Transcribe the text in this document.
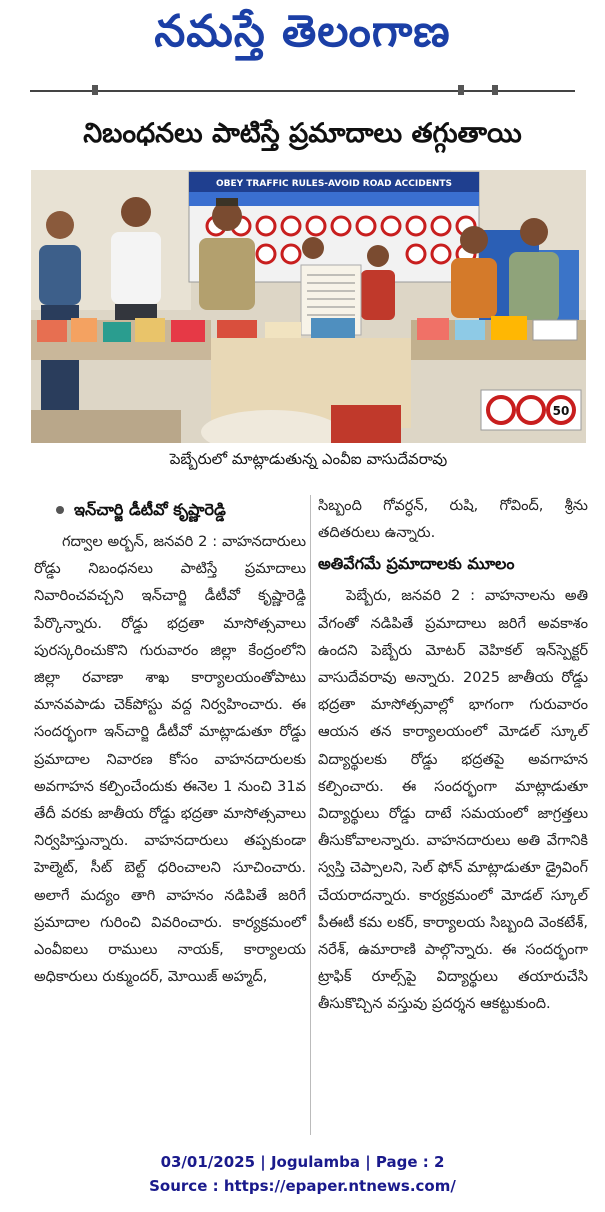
నమస్తే తెలంగాణ
నిబంధనలు పాటిస్తే ప్రమాదాలు తగ్గుతాయి
OBEY TRAFFIC RULES-AVOID ROAD ACCIDENTS
50
పెబ్బేరులో మాట్లాడుతున్న ఎంవీఐ వాసుదేవరావు
ఇన్‌చార్జి డీటీవో కృష్ణారెడ్డి

గద్వాల అర్బన్, జనవరి 2 : వాహనదారులు రోడ్డు నిబంధనలు పాటిస్తే ప్రమాదాలు నివారించవచ్చని ఇన్‌చార్జి డీటీవో కృష్ణారెడ్డి పేర్కొన్నారు. రోడ్డు భద్రతా మాసోత్సవాలు పురస్కరించుకొని గురువారం జిల్లా కేంద్రంలోని జిల్లా రవాణా శాఖ కార్యాలయంతోపాటు మానవపాడు చెక్‌పోస్టు వద్ద నిర్వహించారు. ఈ సందర్భంగా ఇన్‌చార్జి డీటీవో మాట్లాడుతూ రోడ్డు ప్రమాదాల నివారణ కోసం వాహనదారులకు అవగాహన కల్పించేందుకు ఈనెల 1 నుంచి 31వ తేదీ వరకు జాతీయ రోడ్డు భద్రతా మాసోత్సవాలు నిర్వహిస్తున్నారు. వాహనదారులు తప్పకుండా హెల్మెట్, సీట్ బెల్ట్ ధరించాలని సూచించారు. అలాగే మద్యం తాగి వాహనం నడిపితే జరిగే ప్రమాదాల గురించి వివరించారు. కార్యక్రమంలో ఎంవీఐలు రాములు నాయక్, కార్యాలయ అధికారులు రుక్ముందర్, మోయిజ్ అహ్మద్,

సిబ్బంది గోవర్ధన్, రుషి, గోవింద్, శ్రీను తదితరులు ఉన్నారు.

అతివేగమే ప్రమాదాలకు మూలం

పెబ్బేరు, జనవరి 2 : వాహనాలను అతి వేగంతో నడిపితే ప్రమాదాలు జరిగే అవకాశం ఉందని పెబ్బేరు మోటర్ వెహికల్ ఇన్‌స్పెక్టర్ వాసుదేవరావు అన్నారు. 2025 జాతీయ రోడ్డు భద్రతా మాసోత్సవాల్లో భాగంగా గురువారం ఆయన తన కార్యాలయంలో మోడల్ స్కూల్ విద్యార్థులకు రోడ్డు భద్రతపై అవగాహన కల్పించారు. ఈ సందర్భంగా మాట్లాడుతూ విద్యార్థులు రోడ్డు దాటే సమయంలో జాగ్రత్తలు తీసుకోవాలన్నారు. వాహనదారులు అతి వేగానికి స్వస్తి చెప్పాలని, సెల్ ఫోన్ మాట్లాడుతూ డ్రైవింగ్ చేయరాదన్నారు. కార్యక్రమంలో మోడల్ స్కూల్ పీఈటీ కమ లకర్, కార్యాలయ సిబ్బంది వెంకటేశ్, నరేశ్, ఉమారాణి పాల్గొన్నారు. ఈ సందర్భంగా ట్రాఫిక్ రూల్స్‌పై విద్యార్థులు తయారుచేసి తీసుకొచ్చిన వస్తువు ప్రదర్శన ఆకట్టుకుంది.

03/01/2025 | Jogulamba | Page : 2
Source : https://epaper.ntnews.com/
